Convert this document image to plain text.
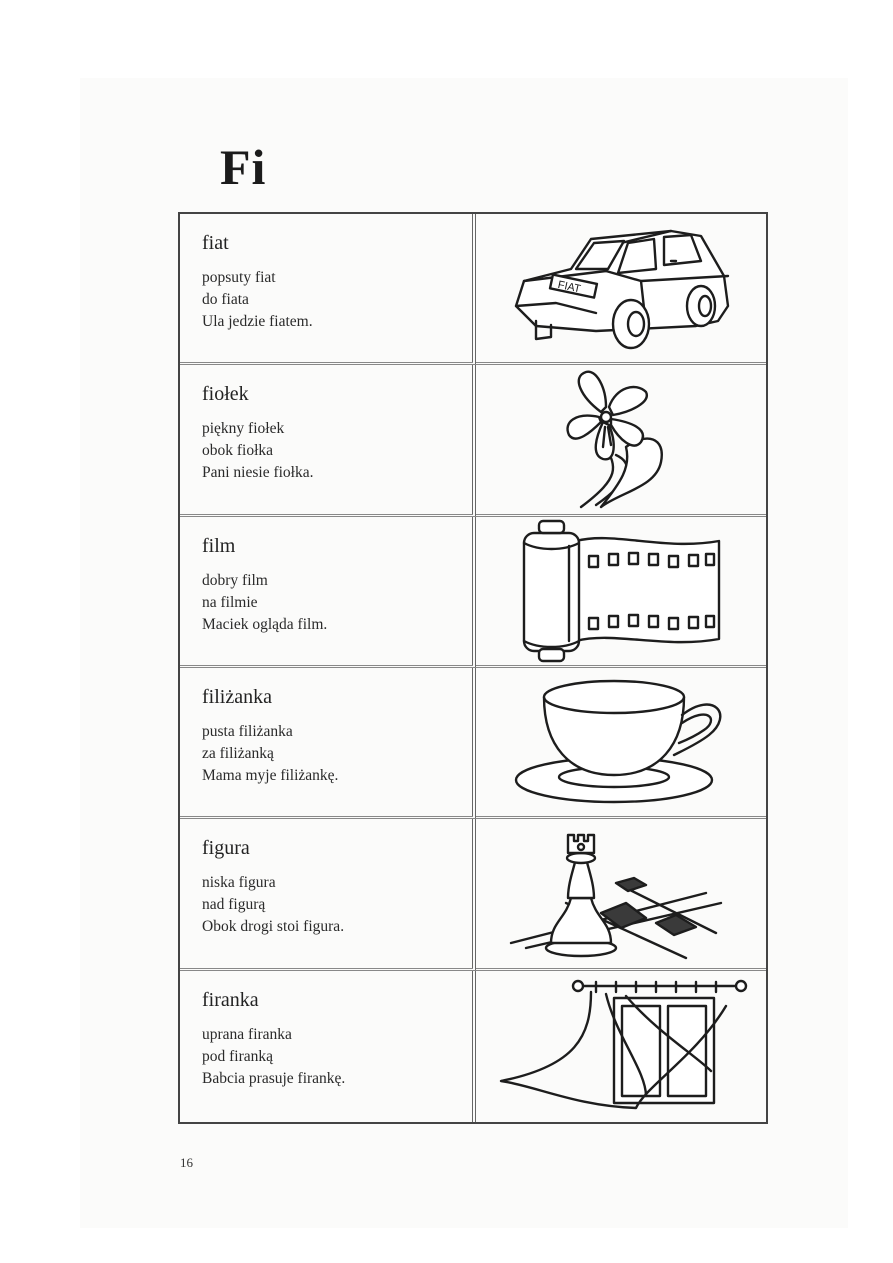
Fi
fiat
popsuty fiat
do fiata
Ula jedzie fiatem.
FIAT
fiołek
piękny fiołek
obok fiołka
Pani niesie fiołka.
film
dobry film
na filmie
Maciek ogląda film.
filiżanka
pusta filiżanka
za filiżanką
Mama myje filiżankę.
figura
niska figura
nad figurą
Obok drogi stoi figura.
firanka
uprana firanka
pod firanką
Babcia prasuje firankę.
16
